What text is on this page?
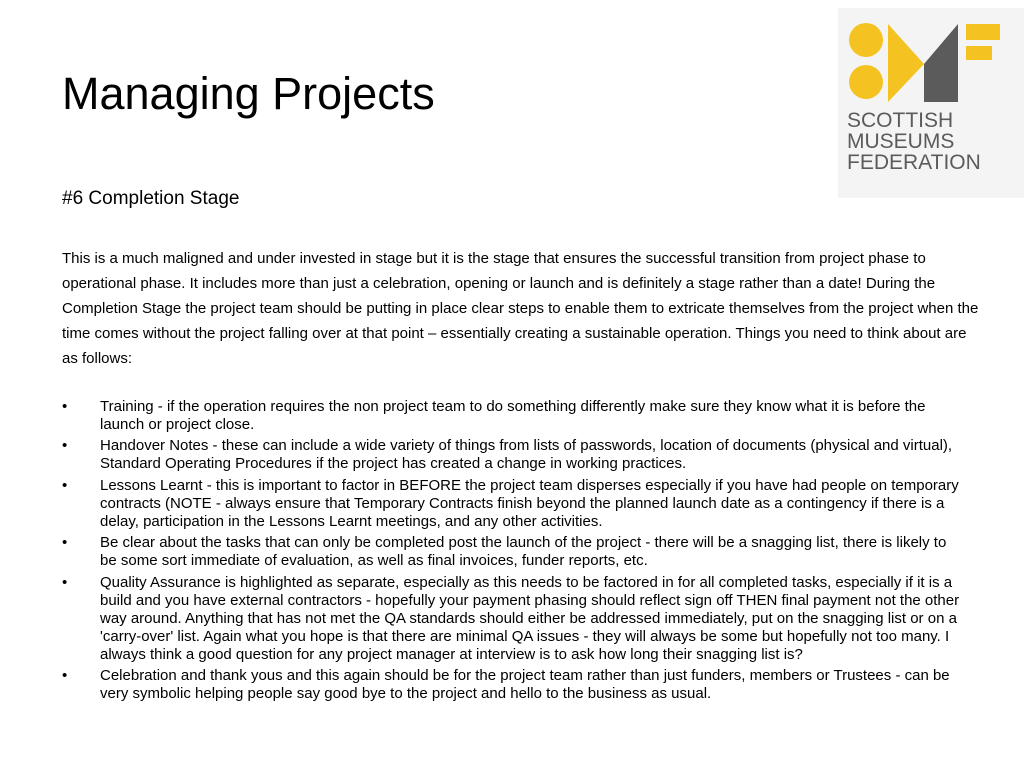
SCOTTISH
MUSEUMS
FEDERATION
Managing Projects
#6 Completion Stage

This is a much maligned and under invested in stage but it is the stage that ensures the successful transition from project phase to operational phase. It includes more than just a celebration, opening or launch and is definitely a stage rather than a date! During the Completion Stage the project team should be putting in place clear steps to enable them to extricate themselves from the project when the time comes without the project falling over at that point – essentially creating a sustainable operation. Things you need to think about are as follows:

• Training - if the operation requires the non project team to do something differently make sure they know what it is before the launch or project close.
• Handover Notes - these can include a wide variety of things from lists of passwords, location of documents (physical and virtual), Standard Operating Procedures if the project has created a change in working practices.
• Lessons Learnt - this is important to factor in BEFORE the project team disperses especially if you have had people on temporary contracts (NOTE - always ensure that Temporary Contracts finish beyond the planned launch date as a contingency if there is a delay, participation in the Lessons Learnt meetings, and any other activities.
• Be clear about the tasks that can only be completed post the launch of the project - there will be a snagging list, there is likely to be some sort immediate of evaluation, as well as final invoices, funder reports, etc.
• Quality Assurance is highlighted as separate, especially as this needs to be factored in for all completed tasks, especially if it is a build and you have external contractors - hopefully your payment phasing should reflect sign off THEN final payment not the other way around. Anything that has not met the QA standards should either be addressed immediately, put on the snagging list or on a 'carry-over' list. Again what you hope is that there are minimal QA issues - they will always be some but hopefully not too many. I always think a good question for any project manager at interview is to ask how long their snagging list is?
• Celebration and thank yous and this again should be for the project team rather than just funders, members or Trustees - can be very symbolic helping people say good bye to the project and hello to the business as usual.
